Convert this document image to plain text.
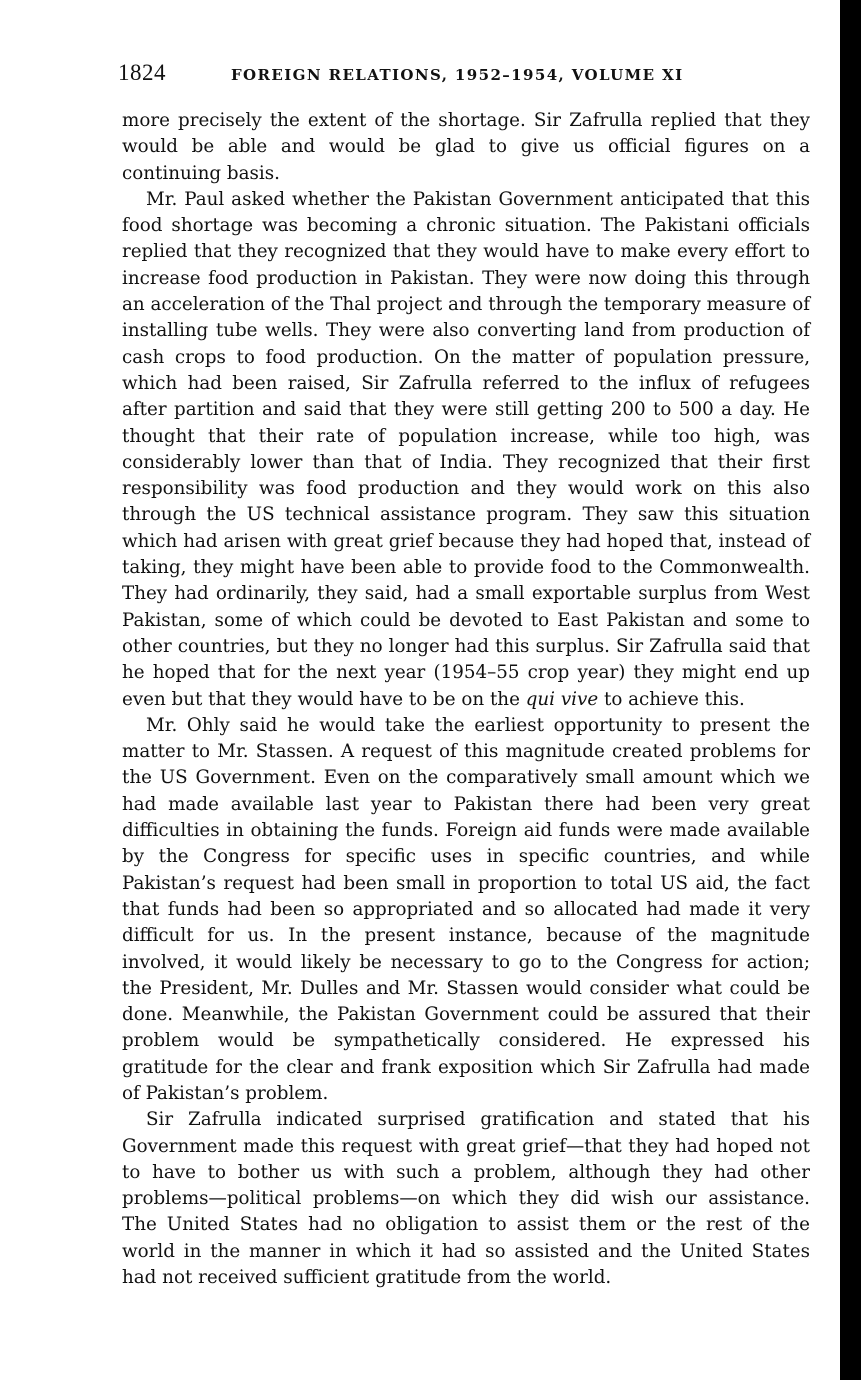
1824	FOREIGN RELATIONS, 1952–1954, VOLUME XI

more precisely the extent of the shortage. Sir Zafrulla replied that they would be able and would be glad to give us official figures on a continuing basis.

Mr. Paul asked whether the Pakistan Government anticipated that this food shortage was becoming a chronic situation. The Pakistani officials replied that they recognized that they would have to make every effort to increase food production in Pakistan. They were now doing this through an acceleration of the Thal project and through the temporary measure of installing tube wells. They were also converting land from production of cash crops to food production. On the matter of population pressure, which had been raised, Sir Zafrulla referred to the influx of refugees after partition and said that they were still getting 200 to 500 a day. He thought that their rate of population increase, while too high, was considerably lower than that of India. They recognized that their first responsibility was food production and they would work on this also through the US technical assistance program. They saw this situation which had arisen with great grief because they had hoped that, instead of taking, they might have been able to provide food to the Commonwealth. They had ordinarily, they said, had a small exportable surplus from West Pakistan, some of which could be devoted to East Pakistan and some to other countries, but they no longer had this surplus. Sir Zafrulla said that he hoped that for the next year (1954–55 crop year) they might end up even but that they would have to be on the qui vive to achieve this.

Mr. Ohly said he would take the earliest opportunity to present the matter to Mr. Stassen. A request of this magnitude created problems for the US Government. Even on the comparatively small amount which we had made available last year to Pakistan there had been very great difficulties in obtaining the funds. Foreign aid funds were made available by the Congress for specific uses in specific countries, and while Pakistan’s request had been small in proportion to total US aid, the fact that funds had been so appropriated and so allocated had made it very difficult for us. In the present instance, because of the magnitude involved, it would likely be necessary to go to the Congress for action; the President, Mr. Dulles and Mr. Stassen would consider what could be done. Meanwhile, the Pakistan Government could be assured that their problem would be sympathetically considered. He expressed his gratitude for the clear and frank exposition which Sir Zafrulla had made of Pakistan’s problem.

Sir Zafrulla indicated surprised gratification and stated that his Government made this request with great grief—that they had hoped not to have to bother us with such a problem, although they had other problems—political problems—on which they did wish our assistance. The United States had no obligation to assist them or the rest of the world in the manner in which it had so assisted and the United States had not received sufficient gratitude from the world.
